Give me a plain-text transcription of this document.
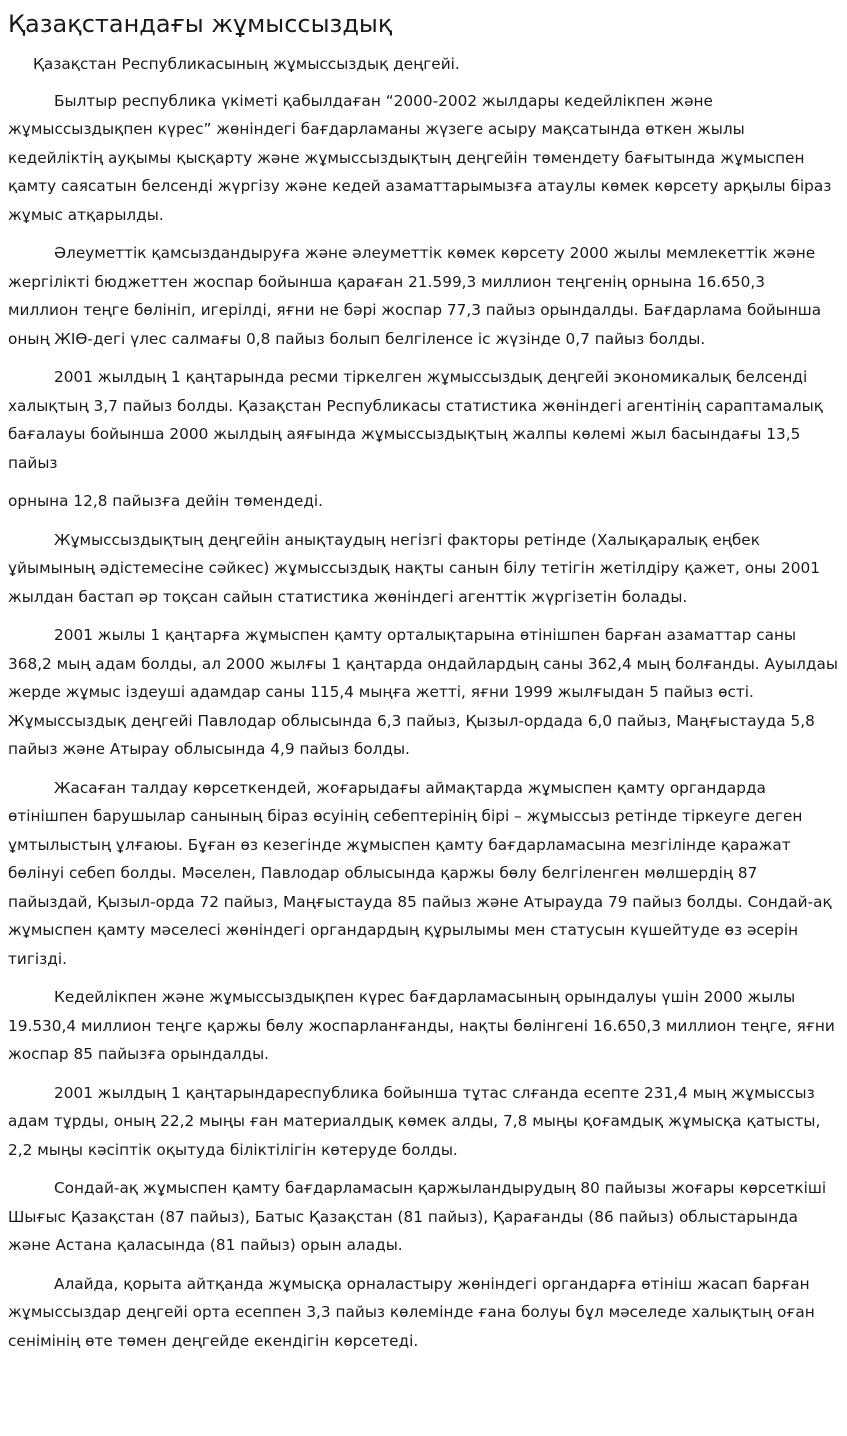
Қазақстандағы жұмыссыздық

Қазақстан Республикасының жұмыссыздық деңгейі.

Былтыр республика үкіметі қабылдаған “2000-2002 жылдары кедейлікпен және жұмыссыздықпен күрес” жөніндегі бағдарламаны жүзеге асыру мақсатында өткен жылы кедейліктің ауқымы қысқарту және жұмыссыздықтың деңгейін төмендету бағытында жұмыспен қамту саясатын белсенді жүргізу және кедей азаматтарымызға атаулы көмек көрсету арқылы біраз жұмыс атқарылды.

Әлеуметтік қамсыздандыруға және әлеуметтік көмек көрсету 2000 жылы мемлекеттік және жергілікті бюджеттен жоспар бойынша қараған 21.599,3 миллион теңгенің орнына 16.650,3 миллион теңге бөлініп, игерілді, яғни не бәрі жоспар 77,3 пайыз орындалды. Бағдарлама бойынша оның ЖІӨ-дегі үлес салмағы 0,8 пайыз болып белгіленсе іс жүзінде 0,7 пайыз болды.

2001 жылдың 1 қаңтарында ресми тіркелген жұмыссыздық деңгейі экономикалық белсенді халықтың 3,7 пайыз болды. Қазақстан Республикасы статистика жөніндегі агентінің сараптамалық бағалауы бойынша 2000 жылдың аяғында жұмыссыздықтың жалпы көлемі жыл басындағы 13,5 пайыз

орнына 12,8 пайызға дейін төмендеді.

Жұмыссыздықтың деңгейін анықтаудың негізгі факторы ретінде (Халықаралық еңбек ұйымының әдістемесіне сәйкес) жұмыссыздық нақты санын білу тетігін жетілдіру қажет, оны 2001 жылдан бастап әр тоқсан сайын статистика жөніндегі агенттік жүргізетін болады.

2001 жылы 1 қаңтарға жұмыспен қамту орталықтарына өтінішпен барған азаматтар саны 368,2 мың адам болды, ал 2000 жылғы 1 қаңтарда ондайлардың саны 362,4 мың болғанды. Ауылдаы жерде жұмыс іздеуші адамдар саны 115,4 мыңға жетті, яғни 1999 жылғыдан 5 пайыз өсті. Жұмыссыздық деңгейі Павлодар облысында 6,3 пайыз, Қызыл-ордада 6,0 пайыз, Маңғыстауда 5,8 пайыз және Атырау облысында 4,9 пайыз болды.

Жасаған талдау көрсеткендей, жоғарыдағы аймақтарда жұмыспен қамту органдарда өтінішпен барушылар санының біраз өсуінің себептерінің бірі – жұмыссыз ретінде тіркеуге деген ұмтылыстың ұлғаюы. Бұған өз кезегінде жұмыспен қамту бағдарламасына мезгілінде қаражат бөлінуі себеп болды. Мәселен, Павлодар облысында қаржы бөлу белгіленген мөлшердің 87 пайыздай, Қызыл-орда 72 пайыз, Маңғыстауда 85 пайыз және Атырауда 79 пайыз болды. Сондай-ақ жұмыспен қамту мәселесі жөніндегі органдардың құрылымы мен статусын күшейтуде өз әсерін тигізді.

Кедейлікпен және жұмыссыздықпен күрес бағдарламасының орындалуы үшін 2000 жылы 19.530,4 миллион теңге қаржы бөлу жоспарланғанды, нақты бөлінгені 16.650,3 миллион теңге, яғни жоспар 85 пайызға орындалды.

2001 жылдың 1 қаңтарындареспублика бойынша тұтас слғанда есепте 231,4 мың жұмыссыз адам тұрды, оның 22,2 мыңы ған материалдық көмек алды, 7,8 мыңы қоғамдық жұмысқа қатысты, 2,2 мыңы кәсіптік оқытуда біліктілігін көтеруде болды.

Сондай-ақ жұмыспен қамту бағдарламасын қаржыландырудың 80 пайызы жоғары көрсеткіші Шығыс Қазақстан (87 пайыз), Батыс Қазақстан (81 пайыз), Қарағанды (86 пайыз) облыстарында және Астана қаласында (81 пайыз) орын алады.

Алайда, қорыта айтқанда жұмысқа орналастыру жөніндегі органдарға өтініш жасап барған жұмыссыздар деңгейі орта есеппен 3,3 пайыз көлемінде ғана болуы бұл мәселеде халықтың оған сенімінің өте төмен деңгейде екендігін көрсетеді.
